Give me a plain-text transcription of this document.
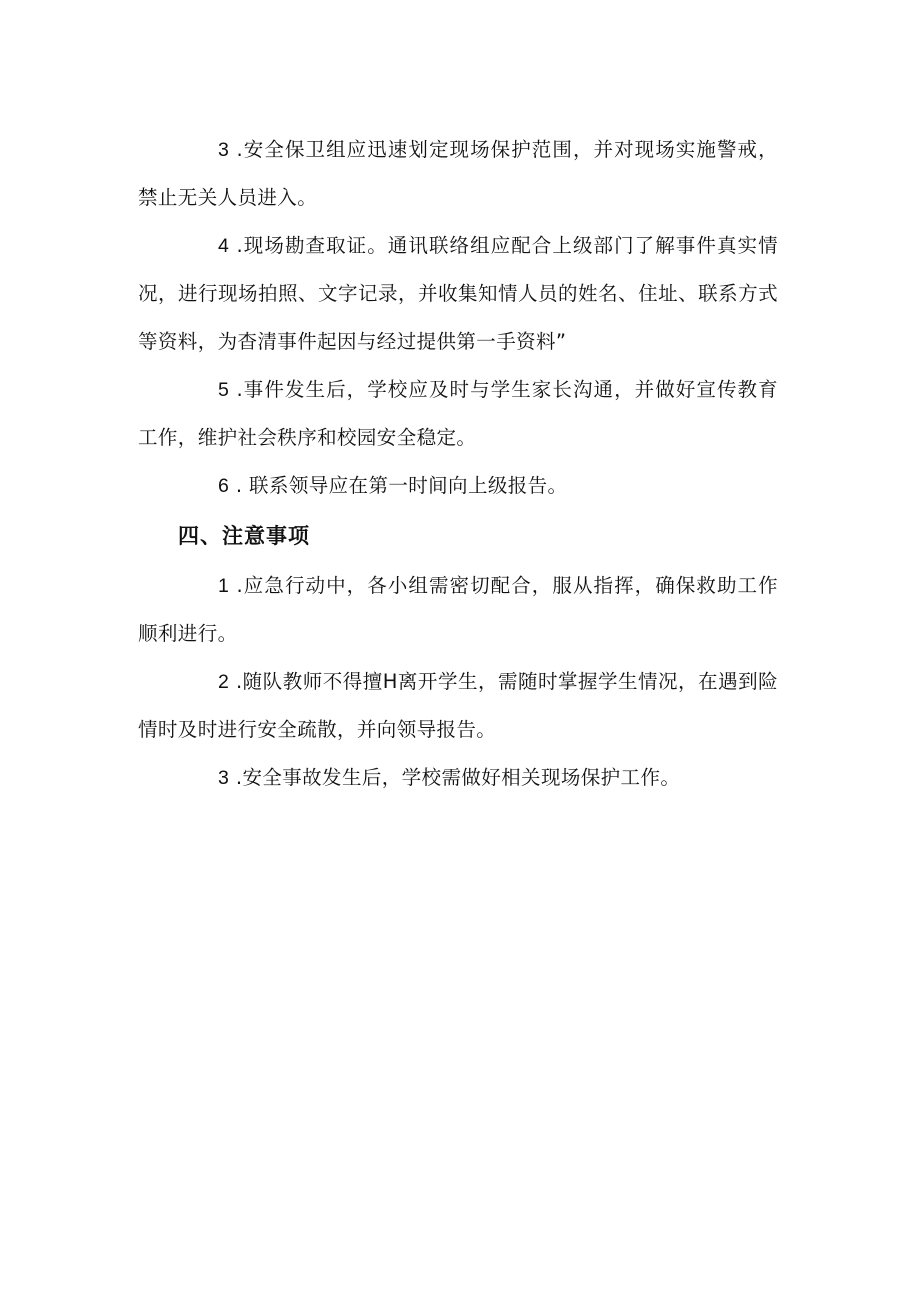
3 .安全保卫组应迅速划定现场保护范围，并对现场实施警戒，禁止无关人员进入。

4 .现场勘查取证。通讯联络组应配合上级部门了解事件真实情况，进行现场拍照、文字记录，并收集知情人员的姓名、住址、联系方式等资料，为杳清事件起因与经过提供第一手资料”

5 .事件发生后，学校应及时与学生家长沟通，并做好宣传教育工作，维护社会秩序和校园安全稳定。

6 . 联系领导应在第一时间向上级报告。

四、注意事项

1 .应急行动中，各小组需密切配合，服从指挥，确保救助工作顺利进行。

2 .随队教师不得擅H离开学生，需随时掌握学生情况，在遇到险情时及时进行安全疏散，并向领导报告。

3 .安全事故发生后，学校需做好相关现场保护工作。
